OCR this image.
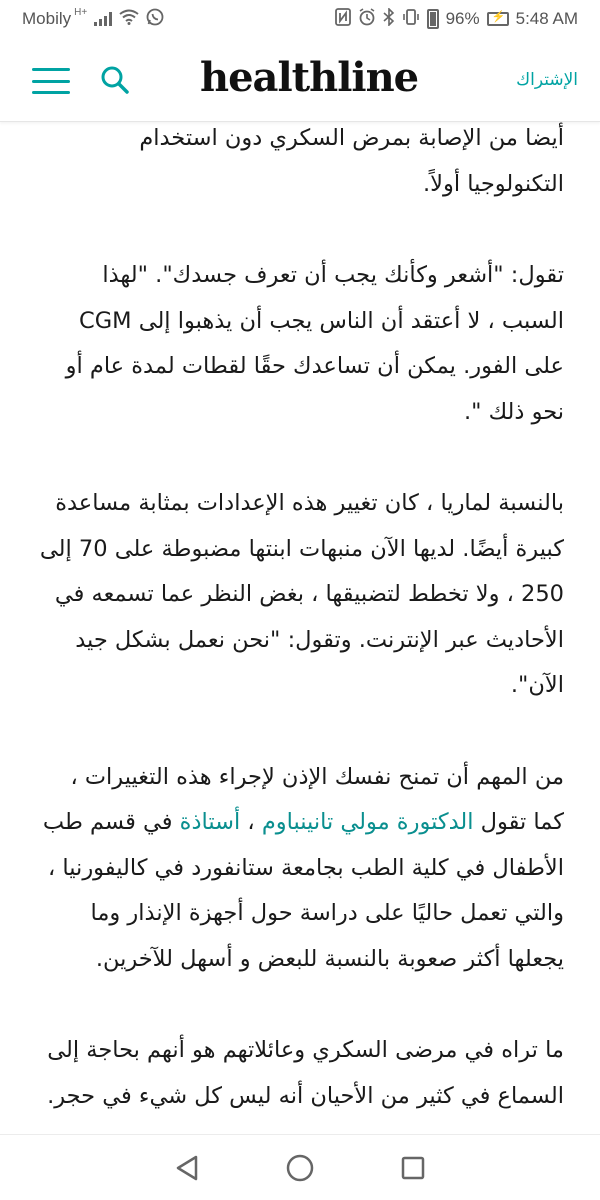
Mobily H+	96%
⚡ 5:48 AM
healthline	الإشتراك

أيضا من الإصابة بمرض السكري دون استخدام التكنولوجيا أولاً.

تقول: "أشعر وكأنك يجب أن تعرف جسدك". "لهذا السبب ، لا أعتقد أن الناس يجب أن يذهبوا إلى CGM على الفور. يمكن أن تساعدك حقًا لقطات لمدة عام أو نحو ذلك ".

بالنسبة لماريا ، كان تغيير هذه الإعدادات بمثابة مساعدة كبيرة أيضًا. لديها الآن منبهات ابنتها مضبوطة على 70 إلى 250 ، ولا تخطط لتضبيقها ، بغض النظر عما تسمعه في الأحاديث عبر الإنترنت. وتقول: "نحن نعمل بشكل جيد الآن".

من المهم أن تمنح نفسك الإذن لإجراء هذه التغييرات ، كما تقول الدكتورة مولي تانينباوم ، أستاذة في قسم طب الأطفال في كلية الطب بجامعة ستانفورد في كاليفورنيا ، والتي تعمل حاليًا على دراسة حول أجهزة الإنذار وما يجعلها أكثر صعوبة بالنسبة للبعض و أسهل للآخرين.

ما تراه في مرضى السكري وعائلاتهم هو أنهم بحاجة إلى السماع في كثير من الأحيان أنه ليس كل شيء في حجر.
